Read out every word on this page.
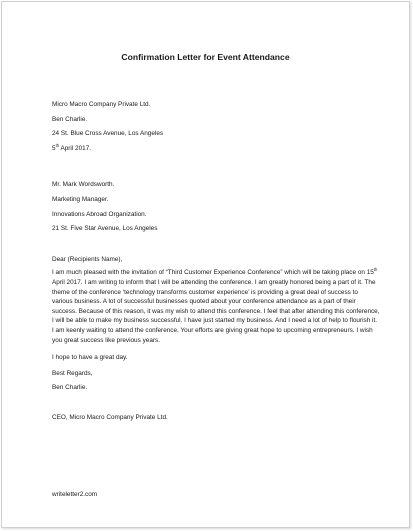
Confirmation Letter for Event Attendance

Micro Macro Company Private Ltd.

Ben Charlie.

24 St. Blue Cross Avenue, Los Angeles

5th April 2017.

Mr. Mark Wordsworth.

Marketing Manager.

Innovations Abroad Organization.

21 St. Five Star Avenue, Los Angeles

Dear (Recipients Name),

I am much pleased with the invitation of “Third Customer Experience Conference” which will be taking place on 15th April 2017. I am writing to inform that I will be attending the conference. I am greatly honored being a part of it. The theme of the conference ‘technology transforms customer experience’ is providing a great deal of success to various business. A lot of successful businesses quoted about your conference attendance as a part of their success. Because of this reason, it was my wish to attend this conference. I feel that after attending this conference, I will be able to make my business successful. I have just started my business. And I need a lot of help to flourish it. I am keenly waiting to attend the conference. Your efforts are giving great hope to upcoming entrepreneurs. I wish you great success like previous years.

I hope to have a great day.

Best Regards,

Ben Charlie.

CEO, Micro Macro Company Private Ltd.

writeletter2.com
